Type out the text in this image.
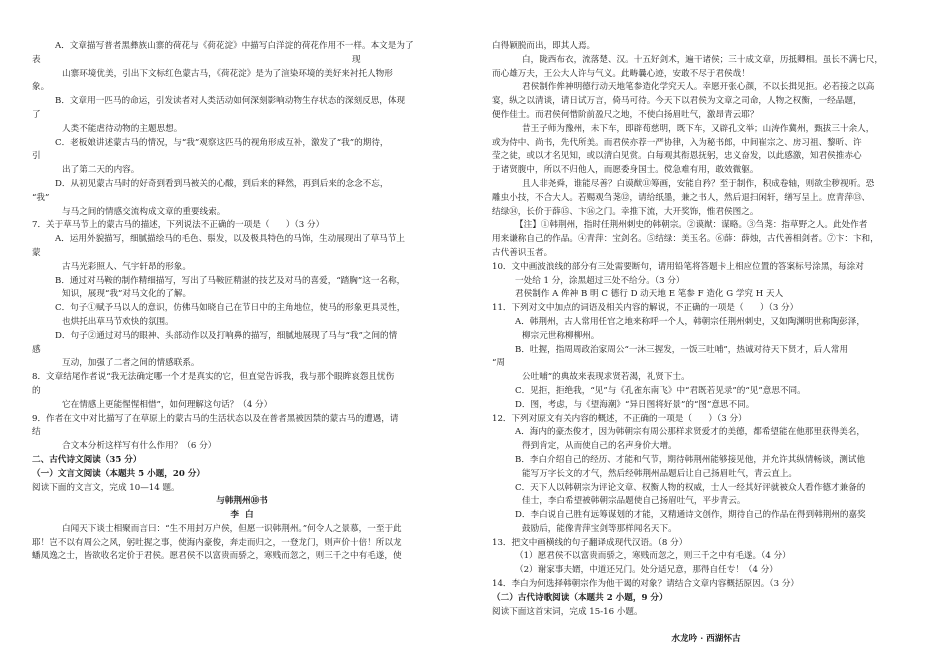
A．文章描写普者黑彝族山寨的荷花与《荷花淀》中描写白洋淀的荷花作用不一样。本文是为了
表                                                                                                                  现
山寨环境优美，引出下文标红色蒙古马，《荷花淀》是为了渲染环境的美好来衬托人物形
象。
B．文章用一匹马的命运，引发读者对人类活动如何深刻影响动物生存状态的深刻反思，体现
了
人类不能虐待动物的主题思想。
C．老板娘讲述蒙古马的情况，与“我”观察这匹马的视角形成互补，激发了“我”的期待，
引
出了第二天的内容。
D．从初见蒙古马时的好奇到看到马被关的心酸，到后来的释然，再到后来的念念不忘，
“我”
与马之间的情感交流构成文章的重要线索。
7．关于草马节上的蒙古马的描述，下列说法不正确的一项是（      ）（3 分）
A．运用外貌描写，细腻描绘马的毛色、鬃发，以及极具特色的马饰，生动展现出了草马节上
蒙
古马光彩照人、气宇轩昂的形象。
B．通过对马鞍的制作精细描写，写出了马鞍匠精湛的技艺及对马的喜爱，“踏胸”这一名称，
知识，展现“我”对马文化的了解。
C．句子①赋予马以人的意识，仿佛马如晓自己在节日中的主角地位，使马的形象更具灵性，
也烘托出草马节欢快的氛围。
D．句子②通过对马的眼神、头部动作以及打响鼻的描写，细腻地展现了马与“我”之间的情
感
互动，加强了二者之间的情感联系。
8．文章结尾作者说“我无法确定哪一个才是真实的它，但直觉告诉我，我与那个眼眸哀怨且忧伤
的
它在情感上更能惺惺相惜”，如何理解这句话？（4 分）
9．作者在文中对比描写了在草原上的蒙古马的生活状态以及在普者黑被因禁的蒙古马的遭遇，请
结
合文本分析这样写有什么作用？（6 分）
二、古代诗文阅读（35 分）
（一）文言文阅读（本题共 5 小题，20 分）
阅读下面的文言文，完成 10—14 题。
与韩荆州⑩书
李  白
白闻天下谈士相聚而言曰：“生不用封万户侯，但愿一识韩荆州。”何令人之景慕，一至于此
耶！岂不以有周公之风，躬吐握之事，使海内豪俊，奔走而归之，一登龙门，则声价十倍！所以龙
蟠凤逸之士，皆欲收名定价于君侯。愿君侯不以富贵而骄之，寒贱而忽之，则三千之中有毛遂，使
白得颖脱而出，即其人焉。
白，陇西布衣，流落楚、汉。十五好剑术，遍干诸侯；三十成文章，历抵卿相。虽长不满七尺，
而心雄万夫，王公大人许与气义。此畴曩心迹，安敢不尽于君侯哉！
君侯制作侔神明德行动天地笔参造化学究天人。幸愿开张心颜，不以长揖见拒。必若接之以高
宴，纵之以清谈，请日试万言，倚马可待。今天下以君侯为文章之司命，人物之权衡，一经品题，
便作佳士。而君侯何惜阶前盈尺之地，不使白扬眉吐气，激昂青云耶？
昔王子师为豫州，未下车，即辟荀慈明，既下车，又辟孔文举；山涛作冀州，甄拔三十余人，
或为侍中、尚书，先代所美。而君侯亦荐一严协律，入为秘书郎，中间崔宗之、房习祖、黎昕、许
莹之徒，或以才名见知，或以清白见赏。白每观其衔恩抚躬，忠义奋发，以此感激，知君侯推赤心
于诸贤腹中，所以不归他人，而愿委身国士。傥急难有用，敢效微躯。
且人非尧舜，谁能尽善？白谟猷⑪筹画，安能自矜？至于制作，积成卷轴，则欲尘秽视听。恐
雕虫小技，不合大人。若赐观刍荛⑫，请给纸墨，兼之书人，然后退扫闲轩，缮写呈上。庶青萍⑬、
结绿⑭，长价于薛⑮、卞⑯之门。幸推下流，大开奖饰，惟君侯图之。
【注】①韩荆州，指时任荆州刺史的韩朝宗。②谟猷：谋略。③刍荛：指草野之人。此处作者
用来谦称自己的作品。④青萍：宝剑名。⑤结绿：美玉名。⑥薛：薛烛，古代善相剑者。⑦卞：卞和，
古代善识玉者。
10．文中画波浪线的部分有三处需要断句，请用铅笔将答题卡上相应位置的答案标号涂黑，每涂对
一处给 1 分，涂黑超过三处不给分。（3 分）
君侯制作 A 侔神 B 明 C 德行 D 动天地 E 笔参 F 造化 G 学究 H 天人
11．下列对文中加点的词语及相关内容的解说，不正确的一项是（      ）（3 分）
A．韩荆州，古人常用任官之地来称呼一个人，韩朝宗任荆州刺史，又如陶渊明世称陶彭泽，
柳宗元世称柳柳州。
B．吐握，指周周政治家周公“一沐三握发，一饭三吐哺”，热诚对待天下贤才，后人常用
“周
公吐哺”的典故来表现求贤若渴，礼贤下士。
C．见拒，拒绝我，“见”与《孔雀东南飞》中“君既若见录”的“见”意思不同。
D．图，考虑，与《望海潮》“异日图将好景”的“图”意思不同。
12．下列对原文有关内容的概述，不正确的一项是（      ）（3 分）
A．海内的豪杰俊才，因为韩朝宗有周公那样求贤爱才的美德，都希望能在他那里获得美名，
得到肯定，从而使自己的名声身价大增。
B．李白介绍自己的经历、才能和气节，期待韩荆州能够接见他，并允许其纵情畅谈，测试他
能写万字长文的才气，然后经韩荆州品题后让自己扬眉吐气，青云直上。
C．天下人以韩朝宗为评论文章、权衡人物的权威，士人一经其好评就被众人看作德才兼备的
佳士，李白希望被韩朝宗品题使自己扬眉吐气，平步青云。
D．李白说自己胜有远筹谋划的才能，又精通诗文创作，期待自己的作品在得到韩荆州的嘉奖
鼓励后，能像青萍宝剑等那样闻名天下。
13．把文中画横线的句子翻译成现代汉语。（8 分）
（1）愿君侯不以富贵而骄之，寒贱而忽之，则三千之中有毛遂。（4 分）
（2）谢家事夫婿，中道还兄门。处分适兄意，那得自任专！（4 分）
14．李白为何选择韩朝宗作为他干谒的对象？请结合文章内容概括原因。（3 分）
（二）古代诗歌阅读（本题共 2 小题，9 分）
阅读下面这首宋词，完成 15-16 小题。

水龙吟 · 西湖怀古
